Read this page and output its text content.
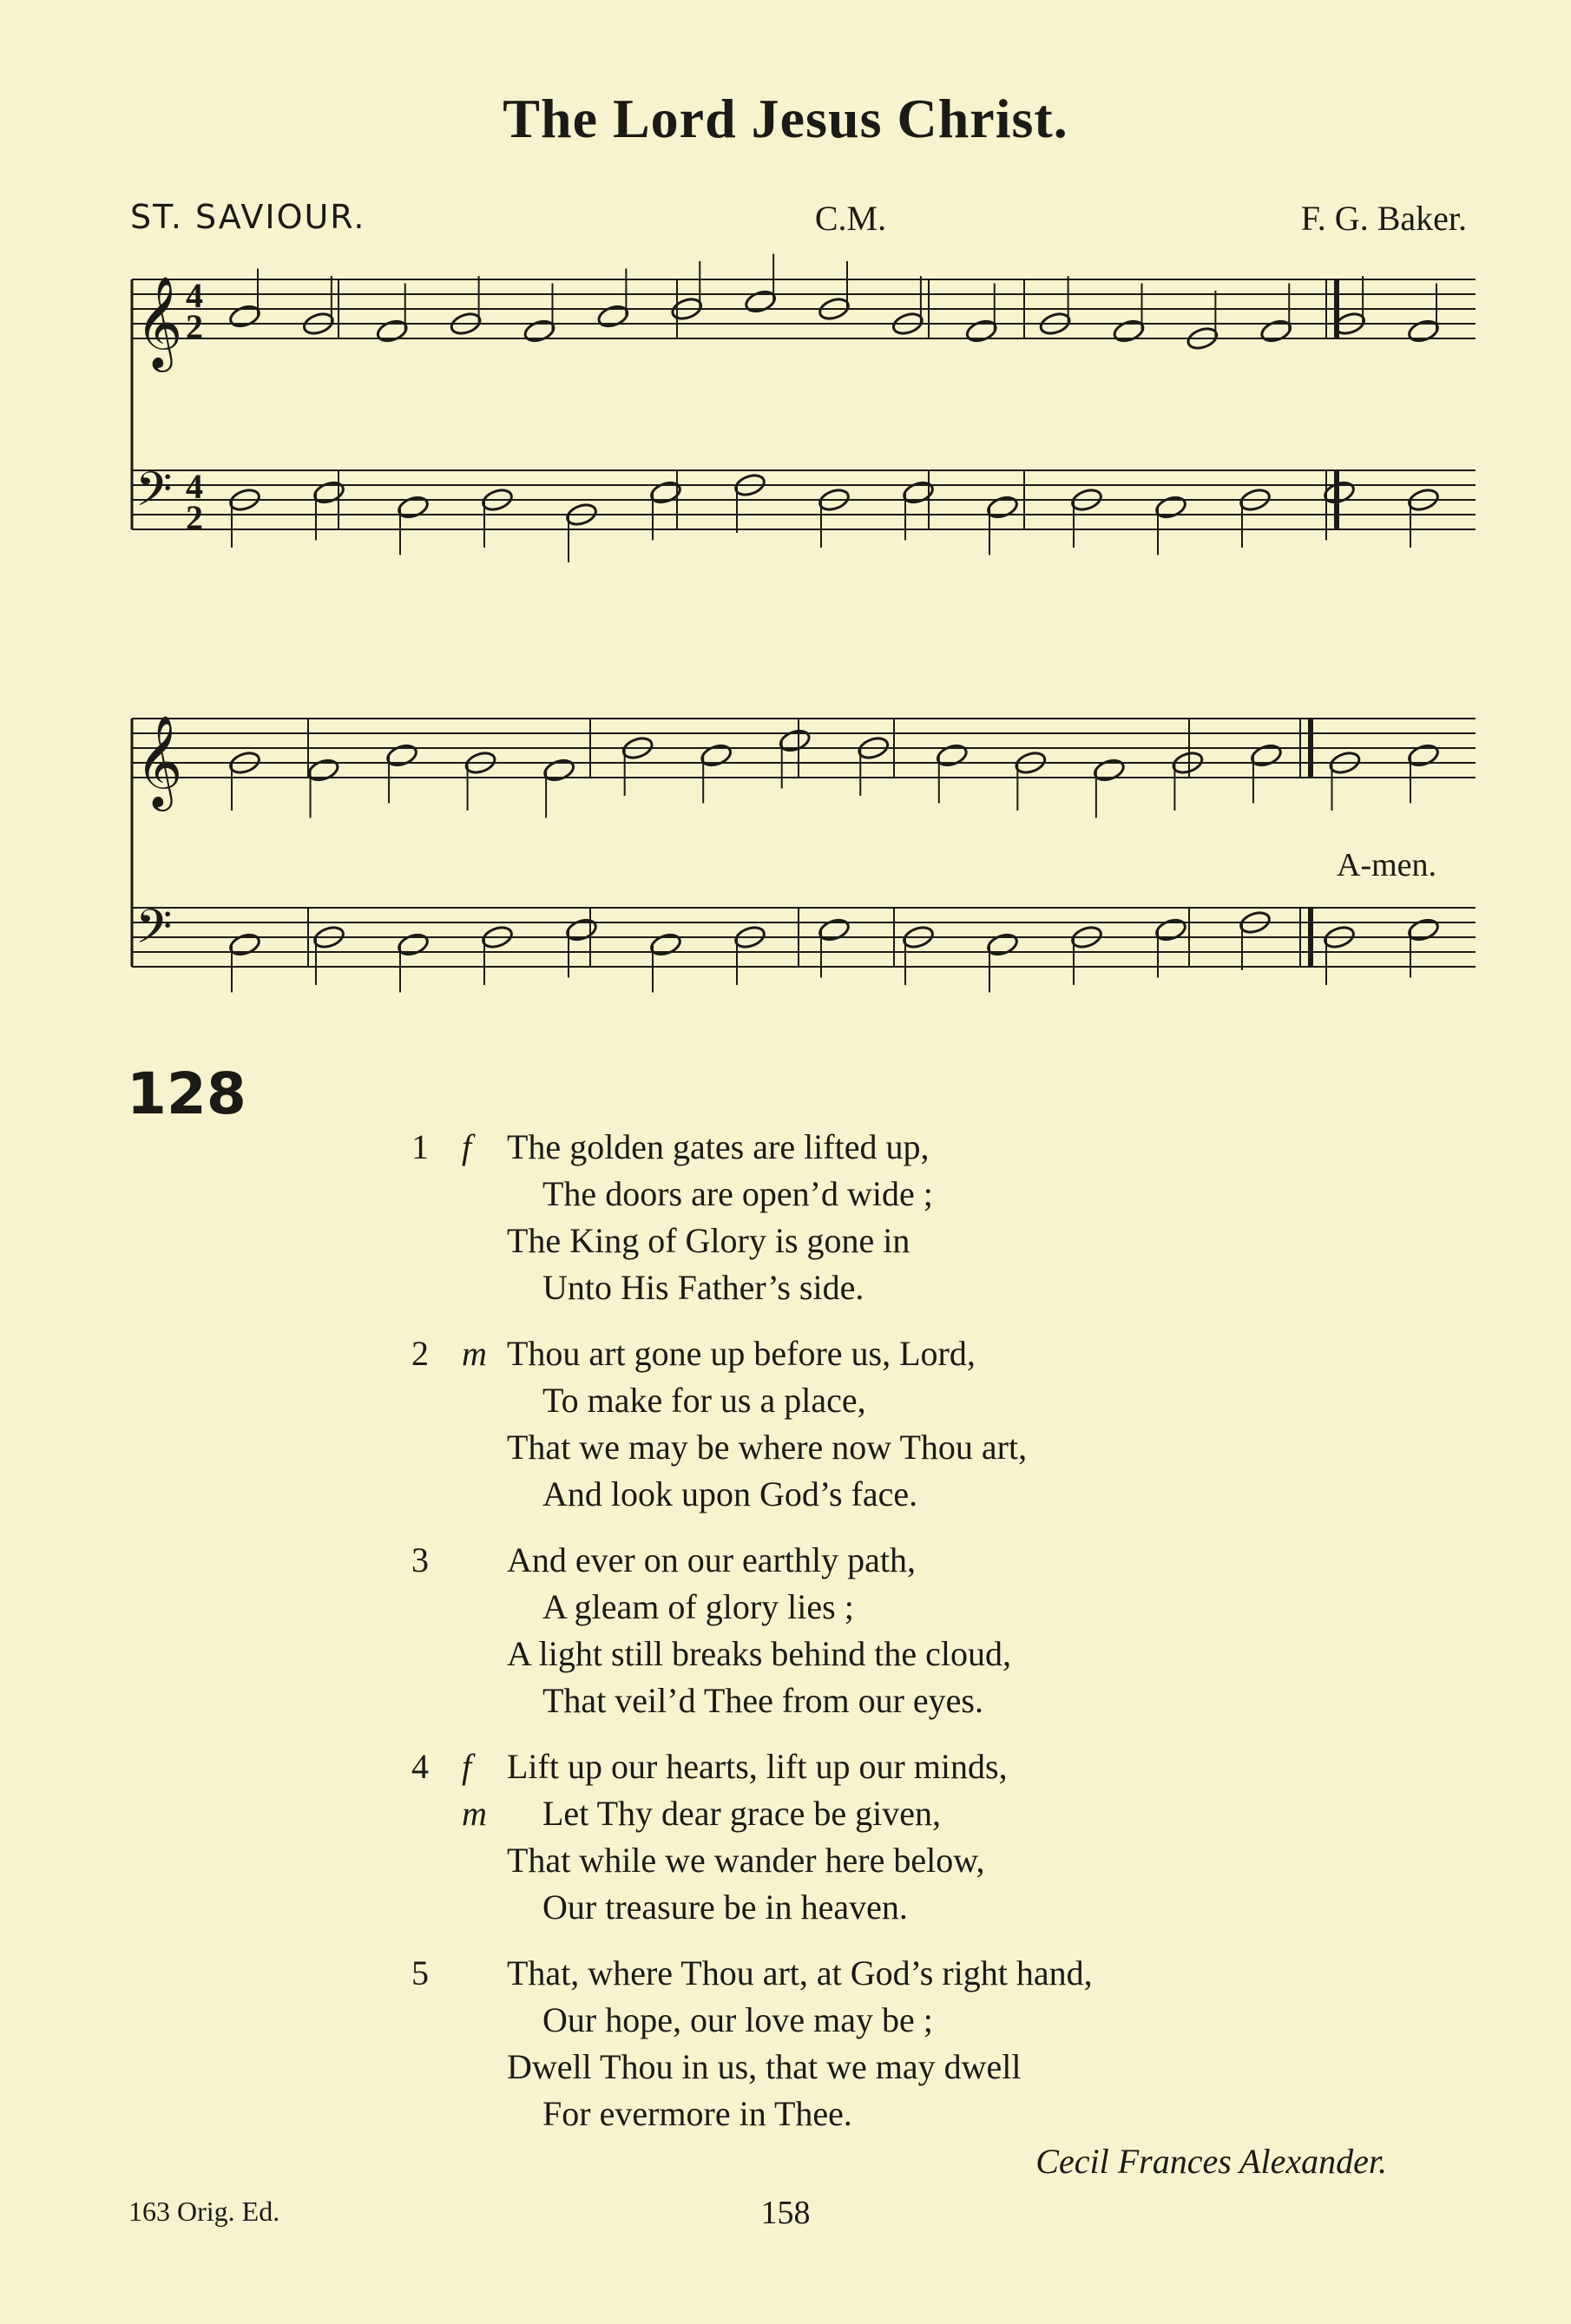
The Lord Jesus Christ.
ST. SAVIOUR.	C.M.	F. G. Baker.
𝄞 4
2
𝄢 4
2
𝄞
𝄢
A-men.
128
1 f The golden gates are lifted up,
The doors are open’d wide ;
The King of Glory is gone in
Unto His Father’s side.
2 m Thou art gone up before us, Lord,
To make for us a place,
That we may be where now Thou art,
And look upon God’s face.
3 And ever on our earthly path,
A gleam of glory lies ;
A light still breaks behind the cloud,
That veil’d Thee from our eyes.
4 f Lift up our hearts, lift up our minds,
m Let Thy dear grace be given,
That while we wander here below,
Our treasure be in heaven.
5 That, where Thou art, at God’s right hand,
Our hope, our love may be ;
Dwell Thou in us, that we may dwell
For evermore in Thee.
Cecil Frances Alexander.
163 Orig. Ed.	158
